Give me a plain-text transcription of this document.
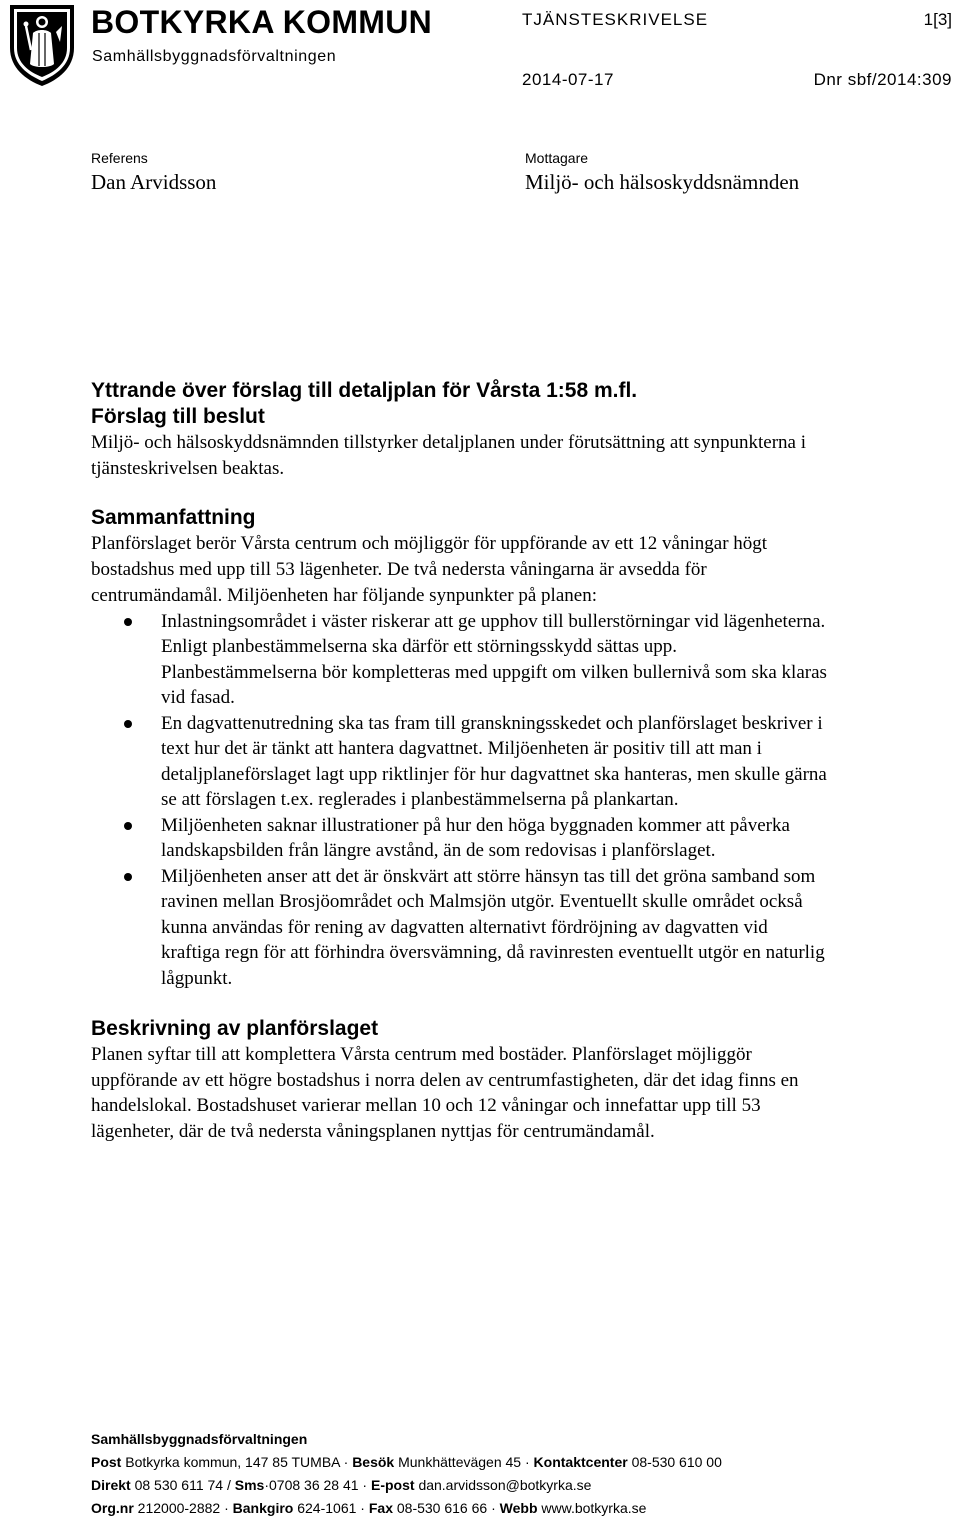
BOTKYRKA KOMMUN
Samhällsbyggnadsförvaltningen
TJÄNSTESKRIVELSE	1[3]
2014-07-17	Dnr sbf/2014:309
Referens
Dan Arvidsson
Mottagare
Miljö- och hälsoskyddsnämnden
Yttrande över förslag till detaljplan för Vårsta 1:58 m.fl.
Förslag till beslut

Miljö- och hälsoskyddsnämnden tillstyrker detaljplanen under förutsättning att synpunkterna i tjänsteskrivelsen beaktas.

Sammanfattning

Planförslaget berör Vårsta centrum och möjliggör för uppförande av ett 12 våningar högt bostadshus med upp till 53 lägenheter. De två nedersta våningarna är avsedda för centrumändamål. Miljöenheten har följande synpunkter på planen:

Inlastningsområdet i väster riskerar att ge upphov till bullerstörningar vid lägenheterna. Enligt planbestämmelserna ska därför ett störningsskydd sättas upp. Planbestämmelserna bör kompletteras med uppgift om vilken bullernivå som ska klaras vid fasad.
En dagvattenutredning ska tas fram till granskningsskedet och planförslaget beskriver i text hur det är tänkt att hantera dagvattnet. Miljöenheten är positiv till att man i detaljplaneförslaget lagt upp riktlinjer för hur dagvattnet ska hanteras, men skulle gärna se att förslagen t.ex. reglerades i planbestämmelserna på plankartan.
Miljöenheten saknar illustrationer på hur den höga byggnaden kommer att påverka landskapsbilden från längre avstånd, än de som redovisas i planförslaget.
Miljöenheten anser att det är önskvärt att större hänsyn tas till det gröna samband som ravinen mellan Brosjöområdet och Malmsjön utgör. Eventuellt skulle området också kunna användas för rening av dagvatten alternativt fördröjning av dagvatten vid kraftiga regn för att förhindra översvämning, då ravinresten eventuellt utgör en naturlig lågpunkt.
Beskrivning av planförslaget

Planen syftar till att komplettera Vårsta centrum med bostäder. Planförslaget möjliggör uppförande av ett högre bostadshus i norra delen av centrumfastigheten, där det idag finns en handelslokal. Bostadshuset varierar mellan 10 och 12 våningar och innefattar upp till 53 lägenheter, där de två nedersta våningsplanen nyttjas för centrumändamål.

Samhällsbyggnadsförvaltningen
Post Botkyrka kommun, 147 85 TUMBA · Besök Munkhättevägen 45 · Kontaktcenter 08-530 610 00
Direkt 08 530 611 74 / Sms·0708 36 28 41 · E-post dan.arvidsson@botkyrka.se
Org.nr 212000-2882 · Bankgiro 624-1061 · Fax 08-530 616 66 · Webb www.botkyrka.se
